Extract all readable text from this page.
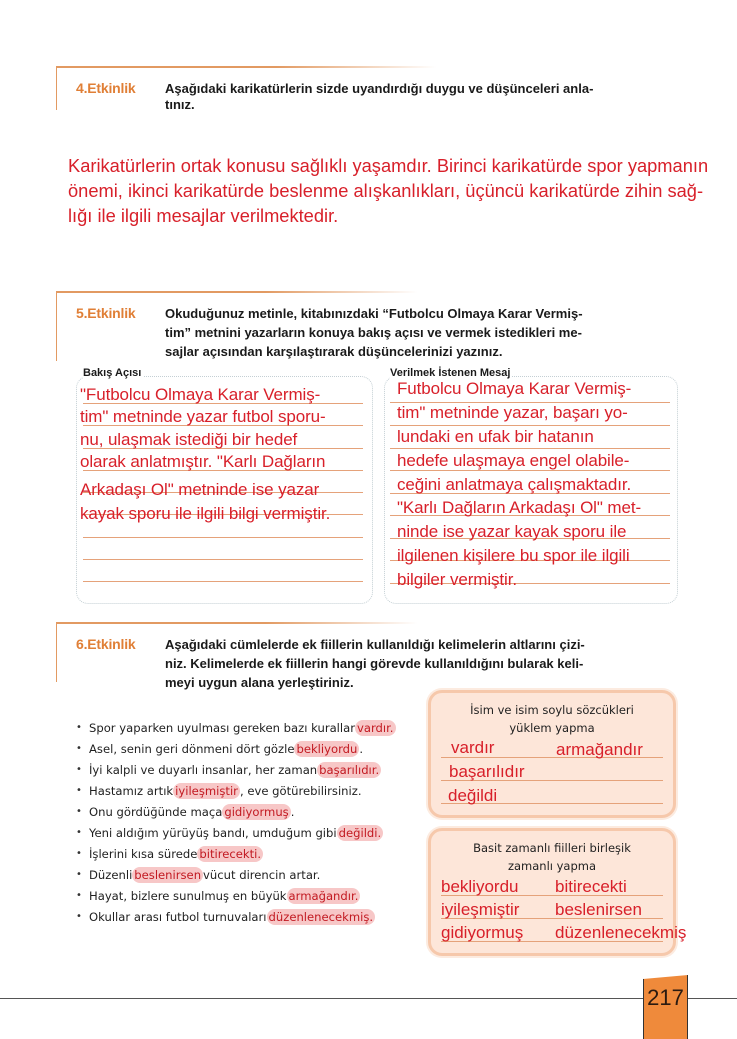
4.Etkinlik Aşağıdaki karikatürlerin sizde uyandırdığı duygu ve düşünceleri anla-
tınız.
Karikatürlerin ortak konusu sağlıklı yaşamdır. Birinci karikatürde spor yapmanın
önemi, ikinci karikatürde beslenme alışkanlıkları, üçüncü karikatürde zihin sağ-
lığı ile ilgili mesajlar verilmektedir.
5.Etkinlik Okuduğunuz metinle, kitabınızdaki “Futbolcu Olmaya Karar Vermiş-
tim” metnini yazarların konuya bakış açısı ve vermek istedikleri me-
sajlar açısından karşılaştırarak düşüncelerinizi yazınız.
Bakış Açısı
"Futbolcu Olmaya Karar Vermiş-
tim" metninde yazar futbol sporu-
nu, ulaşmak istediği bir hedef
olarak anlatmıştır. "Karlı Dağların
Arkadaşı Ol" metninde ise yazar
kayak sporu ile ilgili bilgi vermiştir.
Verilmek İstenen Mesaj
Futbolcu Olmaya Karar Vermiş-
tim" metninde yazar, başarı yo-
lundaki en ufak bir hatanın
hedefe ulaşmaya engel olabile-
ceğini anlatmaya çalışmaktadır.
"Karlı Dağların Arkadaşı Ol" met-
ninde ise yazar kayak sporu ile
ilgilenen kişilere bu spor ile ilgili
bilgiler vermiştir.
6.Etkinlik Aşağıdaki cümlelerde ek fiillerin kullanıldığı kelimelerin altlarını çizi-
niz. Kelimelerde ek fiillerin hangi görevde kullanıldığını bularak keli-
meyi uygun alana yerleştiriniz.
• Spor yaparken uyulması gereken bazı kurallar vardır.
• Asel, senin geri dönmeni dört gözle bekliyordu .
• İyi kalpli ve duyarlı insanlar, her zaman başarılıdır.
• Hastamız artık iyileşmiştir , eve götürebilirsiniz.
• Onu gördüğünde maça gidiyormuş .
• Yeni aldığım yürüyüş bandı, umduğum gibi değildi.
• İşlerini kısa sürede bitirecekti.
• Düzenli beslenirsen vücut direncin artar.
• Hayat, bizlere sunulmuş en büyük armağandır.
• Okullar arası futbol turnuvaları düzenlenecekmiş.
İsim ve isim soylu sözcükleri
yüklem yapma
vardır	armağandır
başarılıdır
değildi
Basit zamanlı fiilleri birleşik
zamanlı yapma
bekliyordu bitirecekti
iyileşmiştir beslenirsen
gidiyormuş düzenlenecekmiş
217
